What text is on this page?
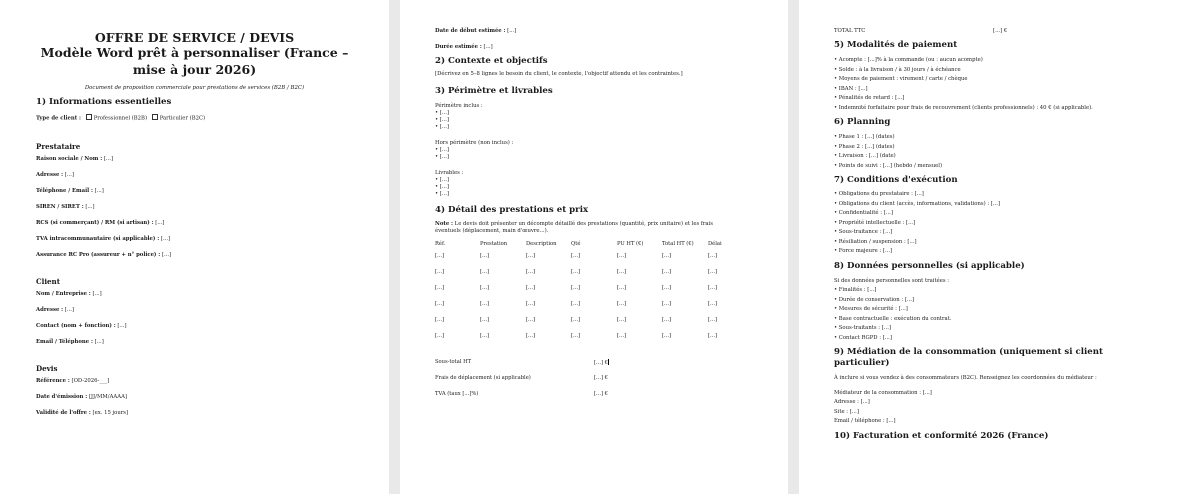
OFFRE DE SERVICE / DEVIS
Modèle Word prêt à personnaliser (France –
mise à jour 2026)
Document de proposition commerciale pour prestations de services (B2B / B2C)
1) Informations essentielles
Type de client : Professionnel (B2B) Particulier (B2C)
Prestataire
Raison sociale / Nom : [...]
Adresse : [...]
Téléphone / Email : [...]
SIREN / SIRET : [...]
RCS (si commerçant) / RM (si artisan) : [...]
TVA intracommunautaire (si applicable) : [...]
Assurance RC Pro (assureur + n° police) : [...]
Client
Nom / Entreprise : [...]
Adresse : [...]
Contact (nom + fonction) : [...]
Email / Téléphone : [...]
Devis
Référence : [OD-2026-___]
Date d'émission : [JJ/MM/AAAA]
Validité de l'offre : [ex. 15 jours]
Date de début estimée : [...]
Durée estimée : [...]
2) Contexte et objectifs
[Décrivez en 5–8 lignes le besoin du client, le contexte, l'objectif attendu et les contraintes.]
3) Périmètre et livrables
Périmètre inclus :
• [...]
• [...]
• [...]
Hors périmètre (non inclus) :
• [...]
• [...]
Livrables :
• [...]
• [...]
• [...]
4) Détail des prestations et prix
Note : Le devis doit présenter un décompte détaillé des prestations (quantité, prix unitaire) et les frais
éventuels (déplacement, main d'œuvre...).
Réf.	Prestation	Description	Qté	PU HT (€)	Total HT (€)	Délai
[...]	[...]	[...]	[...]	[...]	[...]	[...]
[...]	[...]	[...]	[...]	[...]	[...]	[...]
[...]	[...]	[...]	[...]	[...]	[...]	[...]
[...]	[...]	[...]	[...]	[...]	[...]	[...]
[...]	[...]	[...]	[...]	[...]	[...]	[...]
[...]	[...]	[...]	[...]	[...]	[...]	[...]
Sous-total HT	[...] €
Frais de déplacement (si applicable)	[...] €
TVA (taux [...]%)	[...] €
TOTAL TTC	[...] €
5) Modalités de paiement
• Acompte : [...]% à la commande (ou : aucun acompte)
• Solde : à la livraison / à 30 jours / à échéance
• Moyens de paiement : virement / carte / chèque
• IBAN : [...]
• Pénalités de retard : [...]
• Indemnité forfaitaire pour frais de recouvrement (clients professionnels) : 40 € (si applicable).
6) Planning
• Phase 1 : [...] (dates)
• Phase 2 : [...] (dates)
• Livraison : [...] (date)
• Points de suivi : [...] (hebdo / mensuel)
7) Conditions d'exécution
• Obligations du prestataire : [...]
• Obligations du client (accès, informations, validations) : [...]
• Confidentialité : [...]
• Propriété intellectuelle : [...]
• Sous-traitance : [...]
• Résiliation / suspension : [...]
• Force majeure : [...]
8) Données personnelles (si applicable)
Si des données personnelles sont traitées :
• Finalités : [...]
• Durée de conservation : [...]
• Mesures de sécurité : [...]
• Base contractuelle : exécution du contrat.
• Sous-traitants : [...]
• Contact RGPD : [...]
9) Médiation de la consommation (uniquement si client particulier)
À inclure si vous vendez à des consommateurs (B2C). Renseignez les coordonnées du médiateur :
Médiateur de la consommation : [...]
Adresse : [...]
Site : [...]
Email / téléphone : [...]
10) Facturation et conformité 2026 (France)
